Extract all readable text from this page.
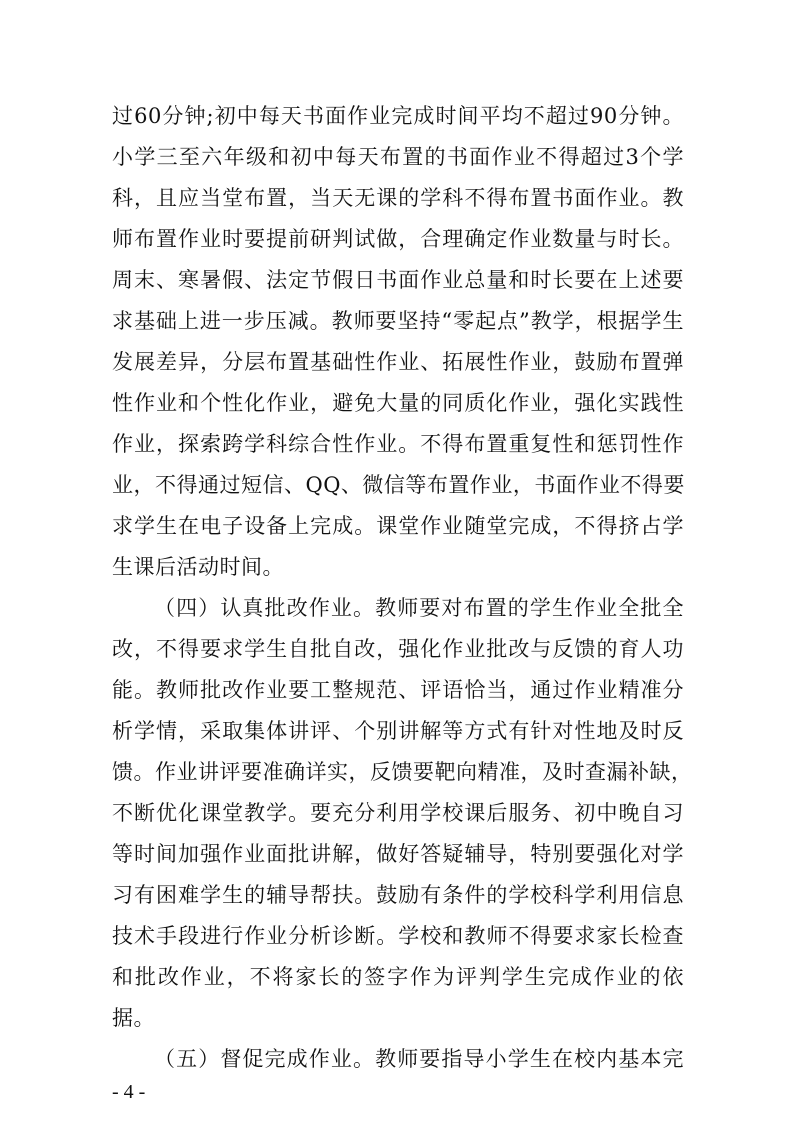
过60分钟;初中每天书面作业完成时间平均不超过90分钟。
小学三至六年级和初中每天布置的书面作业不得超过3个学
科，且应当堂布置，当天无课的学科不得布置书面作业。教
师布置作业时要提前研判试做，合理确定作业数量与时长。
周末、寒暑假、法定节假日书面作业总量和时长要在上述要
求基础上进一步压减。教师要坚持“零起点”教学，根据学生
发展差异，分层布置基础性作业、拓展性作业，鼓励布置弹
性作业和个性化作业，避免大量的同质化作业，强化实践性
作业，探索跨学科综合性作业。不得布置重复性和惩罚性作
业，不得通过短信、QQ、微信等布置作业，书面作业不得要
求学生在电子设备上完成。课堂作业随堂完成，不得挤占学
生课后活动时间。
（四）认真批改作业。教师要对布置的学生作业全批全
改，不得要求学生自批自改，强化作业批改与反馈的育人功
能。教师批改作业要工整规范、评语恰当，通过作业精准分
析学情，采取集体讲评、个别讲解等方式有针对性地及时反
馈。作业讲评要准确详实，反馈要靶向精准，及时查漏补缺，
不断优化课堂教学。要充分利用学校课后服务、初中晚自习
等时间加强作业面批讲解，做好答疑辅导，特别要强化对学
习有困难学生的辅导帮扶。鼓励有条件的学校科学利用信息
技术手段进行作业分析诊断。学校和教师不得要求家长检查
和批改作业，不将家长的签字作为评判学生完成作业的依
据。
（五）督促完成作业。教师要指导小学生在校内基本完
- 4 -
